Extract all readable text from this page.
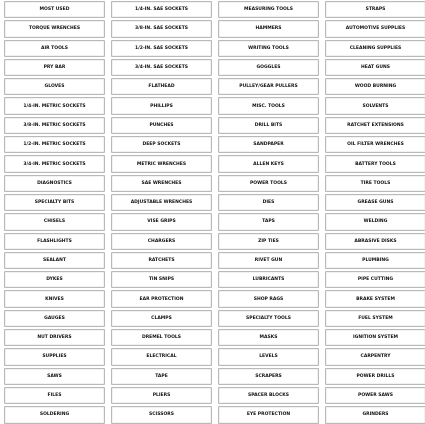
MOST USED
TORQUE WRENCHES
AIR TOOLS
PRY BAR
GLOVES
1/4-IN. METRIC SOCKETS
3/8-IN. METRIC SOCKETS
1/2-IN. METRIC SOCKETS
3/4-IN. METRIC SOCKETS
DIAGNOSTICS
SPECIALTY BITS
CHISELS
FLASHLIGHTS
SEALANT
DYKES
KNIVES
GAUGES
NUT DRIVERS
SUPPLIES
SAWS
FILES
SOLDERING
1/4-IN. SAE SOCKETS
3/8-IN. SAE SOCKETS
1/2-IN. SAE SOCKETS
3/4-IN. SAE SOCKETS
FLATHEAD
PHILLIPS
PUNCHES
DEEP SOCKETS
METRIC WRENCHES
SAE WRENCHES
ADJUSTABLE WRENCHES
VISE GRIPS
CHARGERS
RATCHETS
TIN SNIPS
EAR PROTECTION
CLAMPS
DREMEL TOOLS
ELECTRICAL
TAPE
PLIERS
SCISSORS
MEASURING TOOLS
HAMMERS
WRITING TOOLS
GOGGLES
PULLEY/GEAR PULLERS
MISC. TOOLS
DRILL BITS
SANDPAPER
ALLEN KEYS
POWER TOOLS
DIES
TAPS
ZIP TIES
RIVET GUN
LUBRICANTS
SHOP RAGS
SPECIALTY TOOLS
MASKS
LEVELS
SCRAPERS
SPACER BLOCKS
EYE PROTECTION
STRAPS
AUTOMOTIVE SUPPLIES
CLEANING SUPPLIES
HEAT GUNS
WOOD BURNING
SOLVENTS
RATCHET EXTENSIONS
OIL FILTER WRENCHES
BATTERY TOOLS
TIRE TOOLS
GREASE GUNS
WELDING
ABRASIVE DISKS
PLUMBING
PIPE CUTTING
BRAKE SYSTEM
FUEL SYSTEM
IGNITION SYSTEM
CARPENTRY
POWER DRILLS
POWER SAWS
GRINDERS
